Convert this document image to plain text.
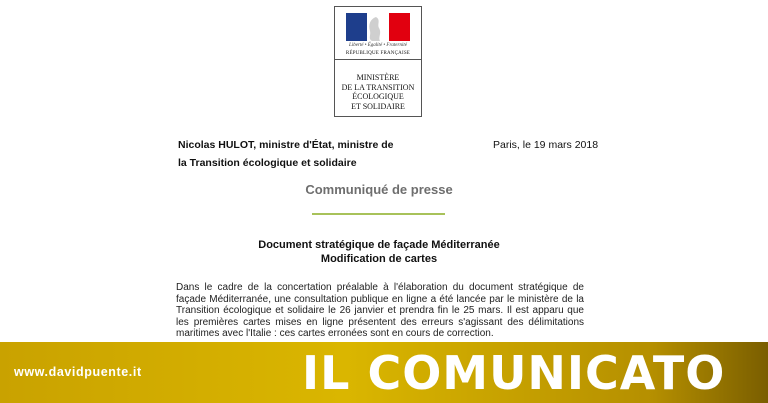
Liberté • Égalité • Fraternité
RÉPUBLIQUE FRANÇAISE
MINISTÈRE
DE LA TRANSITION
ÉCOLOGIQUE
ET SOLIDAIRE
Nicolas HULOT, ministre d'État, ministre de
la Transition écologique et solidaire
Paris, le 19 mars 2018
Communiqué de presse
Document stratégique de façade Méditerranée
Modification de cartes
Dans le cadre de la concertation préalable à l'élaboration du document stratégique de façade Méditerranée, une consultation publique en ligne a été lancée par le ministère de la Transition écologique et solidaire le 26 janvier et prendra fin le 25 mars. Il est apparu que les premières cartes mises en ligne présentent des erreurs s'agissant des délimitations maritimes avec l'Italie : ces cartes erronées sont en cours de correction.
www.davidpuente.it	IL COMUNICATO
